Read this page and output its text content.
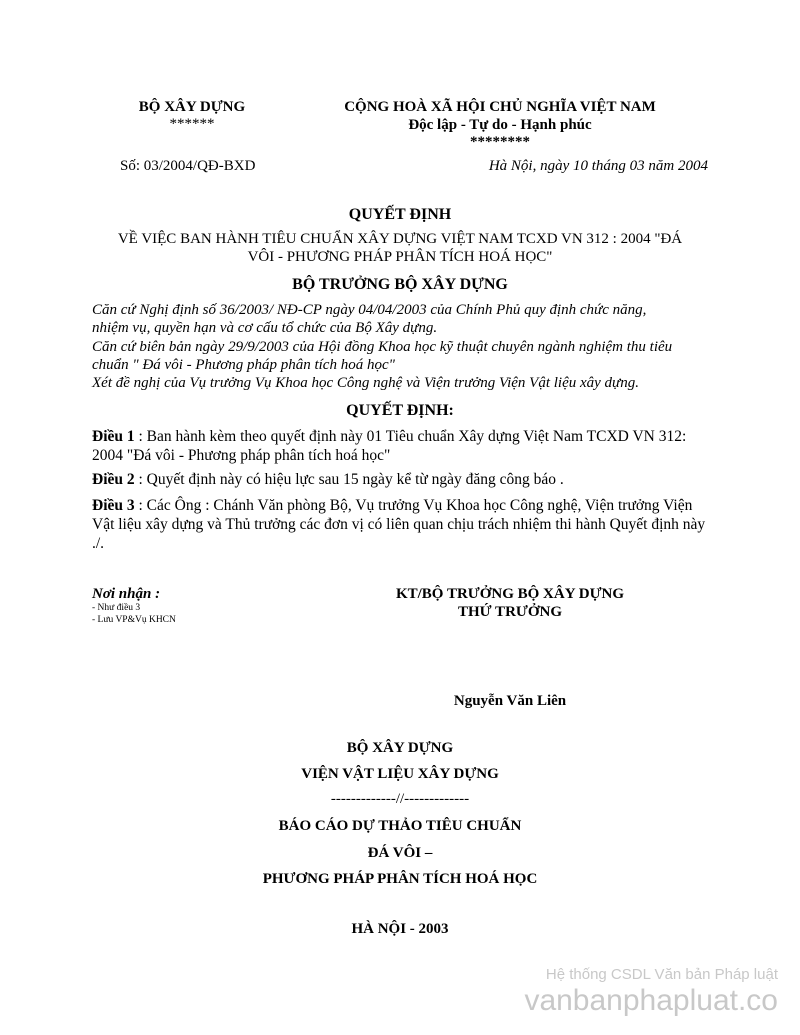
BỘ XÂY DỰNG
******
CỘNG HOÀ XÃ HỘI CHỦ NGHĨA VIỆT NAM
Độc lập - Tự do - Hạnh phúc
********
Số: 03/2004/QĐ-BXD	Hà Nội, ngày 10 tháng 03 năm 2004
QUYẾT ĐỊNH
VỀ VIỆC BAN HÀNH TIÊU CHUẨN XÂY DỰNG VIỆT NAM TCXD VN 312 : 2004 "ĐÁ
VÔI - PHƯƠNG PHÁP PHÂN TÍCH HOÁ HỌC"
BỘ TRƯỞNG BỘ XÂY DỰNG
Căn cứ Nghị định số 36/2003/ NĐ-CP ngày 04/04/2003 của Chính Phủ quy định chức năng,
nhiệm vụ, quyền hạn và cơ cấu tổ chức của Bộ Xây dựng.
Căn cứ biên bản ngày 29/9/2003 của Hội đồng Khoa học kỹ thuật chuyên ngành nghiệm thu tiêu
chuẩn " Đá vôi - Phương pháp phân tích hoá học"
Xét đề nghị của Vụ trưởng Vụ Khoa học Công nghệ và Viện trưởng Viện Vật liệu xây dựng.
QUYẾT ĐỊNH:
Điều 1 : Ban hành kèm theo quyết định này 01 Tiêu chuẩn Xây dựng Việt Nam TCXD VN 312: 2004 "Đá vôi - Phương pháp phân tích hoá học"
Điều 2 : Quyết định này có hiệu lực sau 15 ngày kể từ ngày đăng công báo .
Điều 3 : Các Ông : Chánh Văn phòng Bộ, Vụ trưởng Vụ Khoa học Công nghệ, Viện trưởng Viện Vật liệu xây dựng và Thủ trưởng các đơn vị có liên quan chịu trách nhiệm thi hành Quyết định này ./.
Nơi nhận :
- Như điều 3
- Lưu VP&Vụ KHCN
KT/BỘ TRƯỞNG BỘ XÂY DỰNG
THỨ TRƯỞNG
Nguyễn Văn Liên
BỘ XÂY DỰNG
VIỆN VẬT LIỆU XÂY DỰNG
-------------//-------------
BÁO CÁO DỰ THẢO TIÊU CHUẨN
ĐÁ VÔI –
PHƯƠNG PHÁP PHÂN TÍCH HOÁ HỌC
HÀ NỘI - 2003
Hệ thống CSDL Văn bản Pháp luật
vanbanphapluat.co
